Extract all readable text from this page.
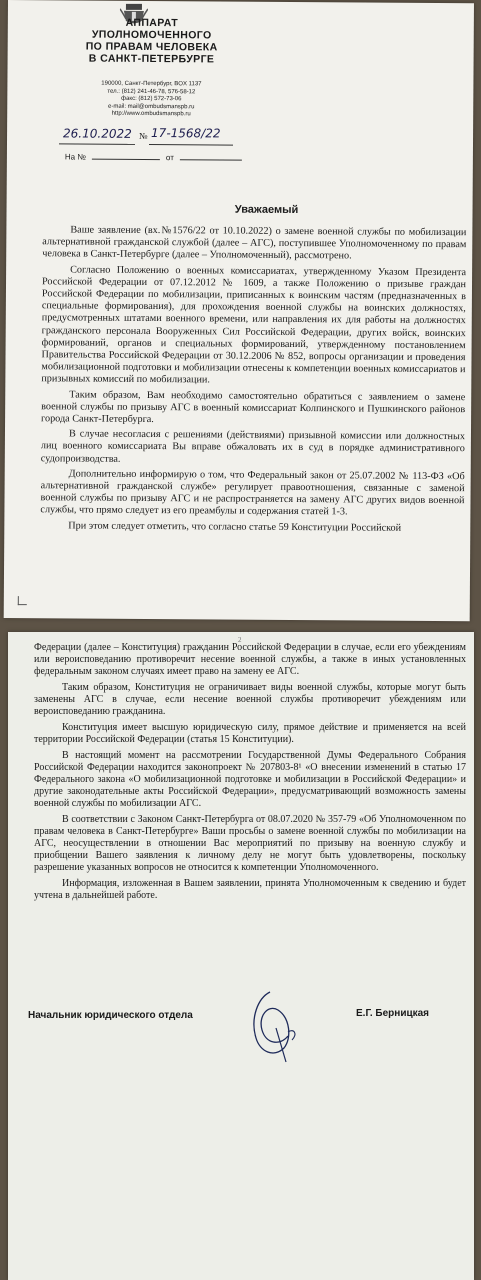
АППАРАТ
УПОЛНОМОЧЕННОГО
ПО ПРАВАМ ЧЕЛОВЕКА
В САНКТ-ПЕТЕРБУРГЕ
190000, Санкт-Петербург, BOX 1137
тел.: (812) 241-46-78, 576-58-12
факс: (812) 572-73-06
e-mail: mail@ombudsmanspb.ru
http://www.ombudsmanspb.ru
26.10.2022 № 17-1568/22
На №	от
Уважаемый

Ваше заявление (вх.№1576/22 от 10.10.2022) о замене военной службы по мобилизации альтернативной гражданской службой (далее – АГС), поступившее Уполномоченному по правам человека в Санкт-Петербурге (далее – Уполномоченный), рассмотрено.

Согласно Положению о военных комиссариатах, утвержденному Указом Президента Российской Федерации от 07.12.2012 № 1609, а также Положению о призыве граждан Российской Федерации по мобилизации, приписанных к воинским частям (предназначенных в специальные формирования), для прохождения военной службы на воинских должностях, предусмотренных штатами военного времени, или направления их для работы на должностях гражданского персонала Вооруженных Сил Российской Федерации, других войск, воинских формирований, органов и специальных формирований, утвержденному постановлением Правительства Российской Федерации от 30.12.2006 № 852, вопросы организации и проведения мобилизационной подготовки и мобилизации отнесены к компетенции военных комиссариатов и призывных комиссий по мобилизации.

Таким образом, Вам необходимо самостоятельно обратиться с заявлением о замене военной службы по призыву АГС в военный комиссариат Колпинского и Пушкинского районов города Санкт-Петербурга.

В случае несогласия с решениями (действиями) призывной комиссии или должностных лиц военного комиссариата Вы вправе обжаловать их в суд в порядке административного судопроизводства.

Дополнительно информирую о том, что Федеральный закон от 25.07.2002 № 113-ФЗ «Об альтернативной гражданской службе» регулирует правоотношения, связанные с заменой военной службы по призыву АГС и не распространяется на замену АГС других видов военной службы, что прямо следует из его преамбулы и содержания статей 1-3.

При этом следует отметить, что согласно статье 59 Конституции Российской

2

Федерации (далее – Конституция) гражданин Российской Федерации в случае, если его убеждениям или вероисповеданию противоречит несение военной службы, а также в иных установленных федеральным законом случаях имеет право на замену ее АГС.

Таким образом, Конституция не ограничивает виды военной службы, которые могут быть заменены АГС в случае, если несение военной службы противоречит убеждениям или вероисповеданию гражданина.

Конституция имеет высшую юридическую силу, прямое действие и применяется на всей территории Российской Федерации (статья 15 Конституции).

В настоящий момент на рассмотрении Государственной Думы Федерального Собрания Российской Федерации находится законопроект № 207803-8¹ «О внесении изменений в статью 17 Федерального закона «О мобилизационной подготовке и мобилизации в Российской Федерации» и другие законодательные акты Российской Федерации», предусматривающий возможность замены военной службы по мобилизации АГС.

В соответствии с Законом Санкт-Петербурга от 08.07.2020 № 357-79 «Об Уполномоченном по правам человека в Санкт-Петербурге» Ваши просьбы о замене военной службы по мобилизации на АГС, неосуществлении в отношении Вас мероприятий по призыву на военную службу и приобщении Вашего заявления к личному делу не могут быть удовлетворены, поскольку разрешение указанных вопросов не относится к компетенции Уполномоченного.

Информация, изложенная в Вашем заявлении, принята Уполномоченным к сведению и будет учтена в дальнейшей работе.

Начальник юридического отдела	Е.Г. Берницкая
